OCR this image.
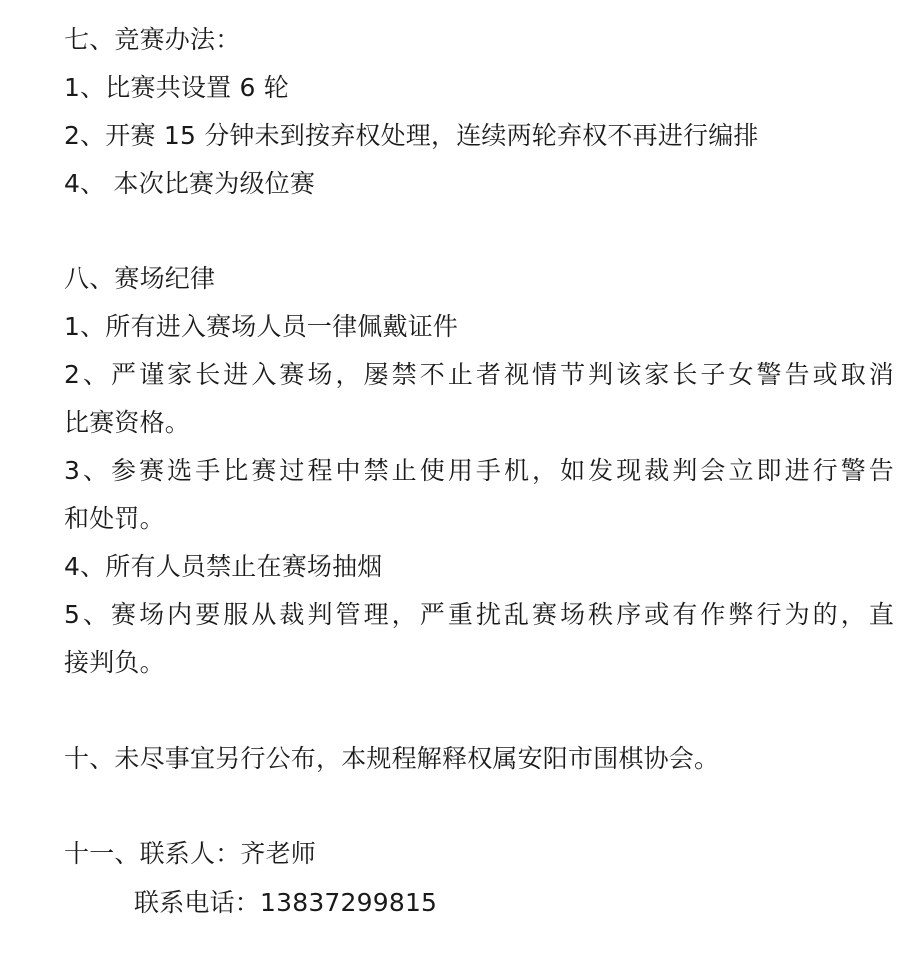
七、竞赛办法：
1、比赛共设置 6 轮
2、开赛 15 分钟未到按弃权处理，连续两轮弃权不再进行编排
4、 本次比赛为级位赛
八、赛场纪律
1、所有进入赛场人员一律佩戴证件
2、严谨家长进入赛场，屡禁不止者视情节判该家长子女警告或取消
比赛资格。
3、参赛选手比赛过程中禁止使用手机，如发现裁判会立即进行警告
和处罚。
4、所有人员禁止在赛场抽烟
5、赛场内要服从裁判管理，严重扰乱赛场秩序或有作弊行为的，直
接判负。
十、未尽事宜另行公布，本规程解释权属安阳市围棋协会。
十一、联系人：齐老师
联系电话：13837299815
